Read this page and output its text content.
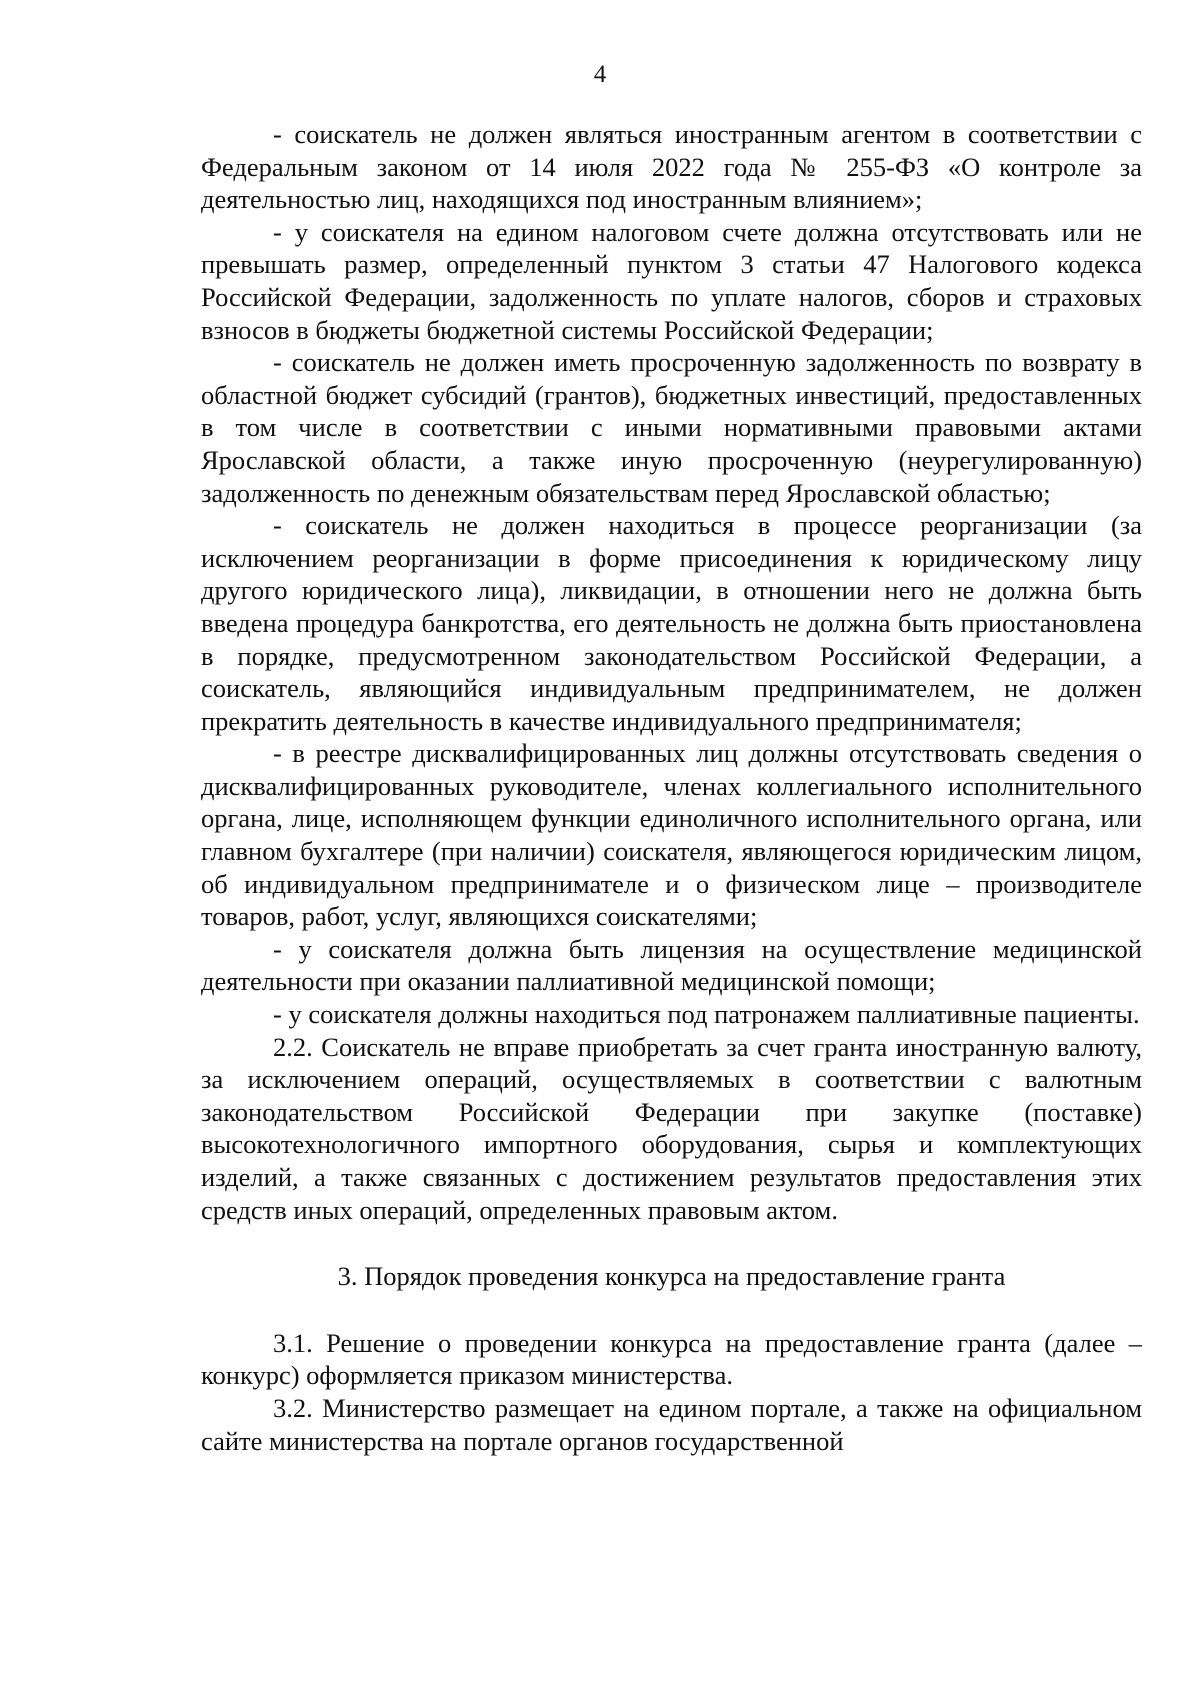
4

- соискатель не должен являться иностранным агентом в соответствии с Федеральным законом от 14 июля 2022 года № 255-ФЗ «О контроле за деятельностью лиц, находящихся под иностранным влиянием»;

- у соискателя на едином налоговом счете должна отсутствовать или не превышать размер, определенный пунктом 3 статьи 47 Налогового кодекса Российской Федерации, задолженность по уплате налогов, сборов и страховых взносов в бюджеты бюджетной системы Российской Федерации;

- соискатель не должен иметь просроченную задолженность по возврату в областной бюджет субсидий (грантов), бюджетных инвестиций, предоставленных в том числе в соответствии с иными нормативными правовыми актами Ярославской области, а также иную просроченную (неурегулированную) задолженность по денежным обязательствам перед Ярославской областью;

- соискатель не должен находиться в процессе реорганизации (за исключением реорганизации в форме присоединения к юридическому лицу другого юридического лица), ликвидации, в отношении него не должна быть введена процедура банкротства, его деятельность не должна быть приостановлена в порядке, предусмотренном законодательством Российской Федерации, а соискатель, являющийся индивидуальным предпринимателем, не должен прекратить деятельность в качестве индивидуального предпринимателя;

- в реестре дисквалифицированных лиц должны отсутствовать сведения о дисквалифицированных руководителе, членах коллегиального исполнительного органа, лице, исполняющем функции единоличного исполнительного органа, или главном бухгалтере (при наличии) соискателя, являющегося юридическим лицом, об индивидуальном предпринимателе и о физическом лице – производителе товаров, работ, услуг, являющихся соискателями;

- у соискателя должна быть лицензия на осуществление медицинской деятельности при оказании паллиативной медицинской помощи;

- у соискателя должны находиться под патронажем паллиативные пациенты.

2.2. Соискатель не вправе приобретать за счет гранта иностранную валюту, за исключением операций, осуществляемых в соответствии с валютным законодательством Российской Федерации при закупке (поставке) высокотехнологичного импортного оборудования, сырья и комплектующих изделий, а также связанных с достижением результатов предоставления этих средств иных операций, определенных правовым актом.

3. Порядок проведения конкурса на предоставление гранта

3.1. Решение о проведении конкурса на предоставление гранта (далее – конкурс) оформляется приказом министерства.

3.2. Министерство размещает на едином портале, а также на официальном сайте министерства на портале органов государственной
